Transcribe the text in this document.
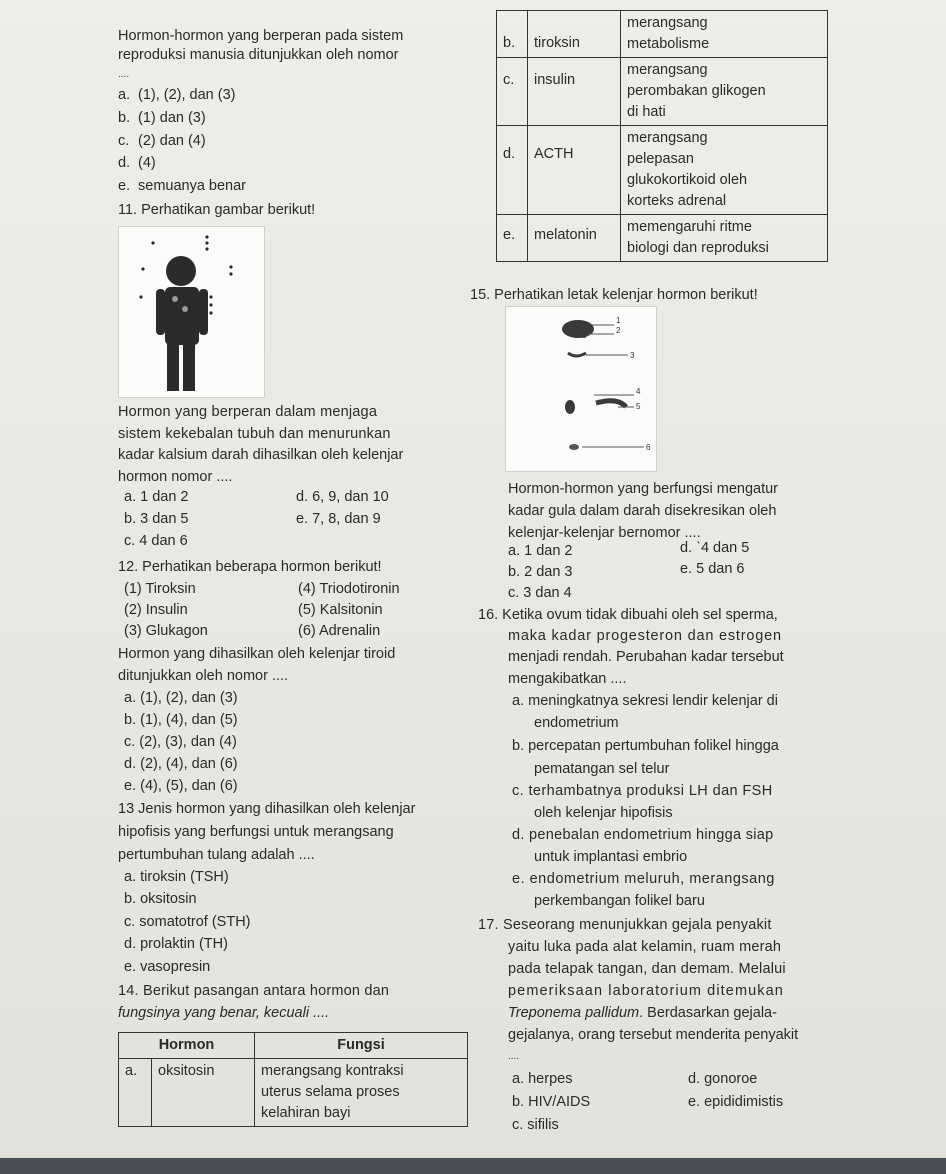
Hormon-hormon yang berperan pada sistem
reproduksi manusia ditunjukkan oleh nomor
....
a. (1), (2), dan (3)
b. (1) dan (3)
c. (2) dan (4)
d. (4)
e. semuanya benar
b.	tiroksin	merangsang
metabolisme

c.	insulin	merangsang
perombakan glikogen
di hati

d.	ACTH	merangsang
pelepasan
glukokortikoid oleh
korteks adrenal

e.	melatonin	memengaruhi ritme
biologi dan reproduksi
11. Perhatikan gambar berikut!
Hormon yang berperan dalam menjaga
sistem kekebalan tubuh dan menurunkan
kadar kalsium darah dihasilkan oleh kelenjar
hormon nomor ....
a. 1 dan 2
b. 3 dan 5
c. 4 dan 6
d. 6, 9, dan 10
e. 7, 8, dan 9
12. Perhatikan beberapa hormon berikut!
(1) Tiroksin
(2) Insulin
(3) Glukagon
(4) Triodotironin
(5) Kalsitonin
(6) Adrenalin
Hormon yang dihasilkan oleh kelenjar tiroid
ditunjukkan oleh nomor ....
a. (1), (2), dan (3)
b. (1), (4), dan (5)
c. (2), (3), dan (4)
d. (2), (4), dan (6)
e. (4), (5), dan (6)
13 Jenis hormon yang dihasilkan oleh kelenjar
hipofisis yang berfungsi untuk merangsang
pertumbuhan tulang adalah ....
a. tiroksin (TSH)
b. oksitosin
c. somatotrof (STH)
d. prolaktin (TH)
e. vasopresin
14. Berikut pasangan antara hormon dan
fungsinya yang benar, kecuali ....
Hormon		Fungsi
a.	oksitosin	merangsang kontraksi
uterus selama proses
kelahiran bayi
15. Perhatikan letak kelenjar hormon berikut!
1
2
3
4
5
6
Hormon-hormon yang berfungsi mengatur
kadar gula dalam darah disekresikan oleh
kelenjar-kelenjar bernomor ....
a. 1 dan 2
b. 2 dan 3
c. 3 dan 4
d. ˋ4 dan 5
e. 5 dan 6
16. Ketika ovum tidak dibuahi oleh sel sperma,
maka kadar progesteron dan estrogen
menjadi rendah. Perubahan kadar tersebut
mengakibatkan ....
a. meningkatnya sekresi lendir kelenjar di
endometrium
b. percepatan pertumbuhan folikel hingga
pematangan sel telur
c. terhambatnya produksi LH dan FSH
oleh kelenjar hipofisis
d. penebalan endometrium hingga siap
untuk implantasi embrio
e. endometrium meluruh, merangsang
perkembangan folikel baru
17. Seseorang menunjukkan gejala penyakit
yaitu luka pada alat kelamin, ruam merah
pada telapak tangan, dan demam. Melalui
pemeriksaan laboratorium ditemukan
Treponema pallidum. Berdasarkan gejala-
gejalanya, orang tersebut menderita penyakit
....
a. herpes
b. HIV/AIDS
c. sifilis
d. gonoroe
e. epididimistis
